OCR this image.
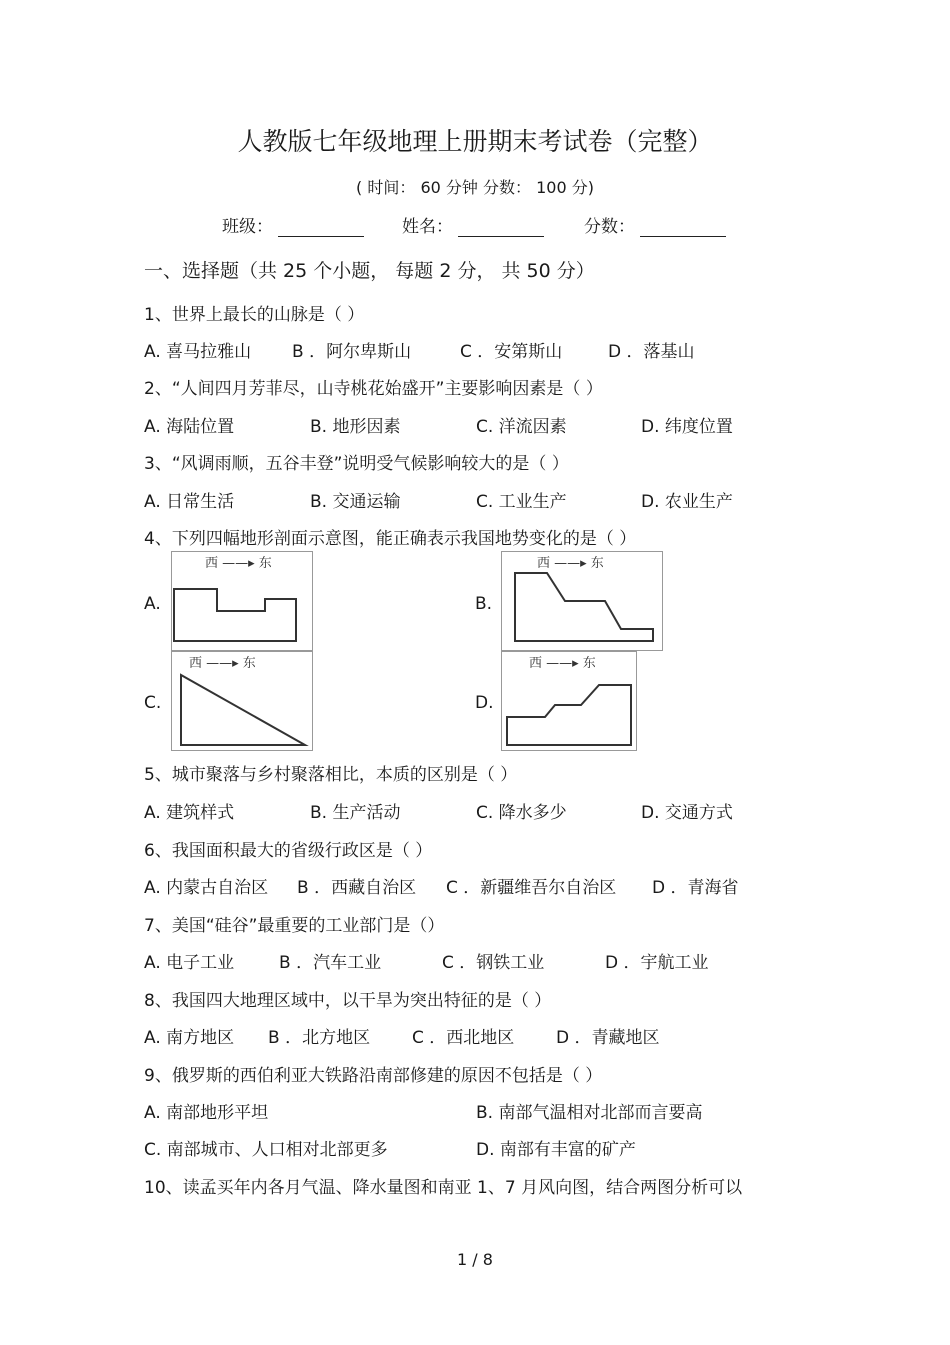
人教版七年级地理上册期末考试卷（完整）
( 时间： 60 分钟 分数： 100 分)
班级：	姓名：	分数：
一、选择题（共 25 个小题， 每题 2 分， 共 50 分）
1、世界上最长的山脉是（ ）
A. 喜马拉雅山 B ．阿尔卑斯山	C ．安第斯山	D ．落基山
2、“人间四月芳菲尽，山寺桃花始盛开”主要影响因素是（ ）
A. 海陆位置	B. 地形因素	C. 洋流因素	D. 纬度位置
3、“风调雨顺，五谷丰登”说明受气候影响较大的是（ ）
A. 日常生活	B. 交通运输	C. 工业生产	D. 农业生产
4、下列四幅地形剖面示意图，能正确表示我国地势变化的是（ ）
A.	B.
C.	D.
西 ——▸ 东	西 ——▸ 东
西 ——▸ 东	西 ——▸ 东
5、城市聚落与乡村聚落相比，本质的区别是（ ）
A. 建筑样式	B. 生产活动	C. 降水多少	D. 交通方式
6、我国面积最大的省级行政区是（ ）
A. 内蒙古自治区 B ．西藏自治区 C ．新疆维吾尔自治区 D ．青海省
7、美国“硅谷”最重要的工业部门是（）
A. 电子工业	B ．汽车工业	C ．钢铁工业	D ．宇航工业
8、我国四大地理区域中，以干旱为突出特征的是（ ）
A. 南方地区 B ．北方地区 C ．西北地区 D ．青藏地区
9、俄罗斯的西伯利亚大铁路沿南部修建的原因不包括是（ ）
A. 南部地形平坦	B. 南部气温相对北部而言要高
C. 南部城市、人口相对北部更多	D. 南部有丰富的矿产
10、读孟买年内各月气温、降水量图和南亚 1、7 月风向图，结合两图分析可以
1 / 8
